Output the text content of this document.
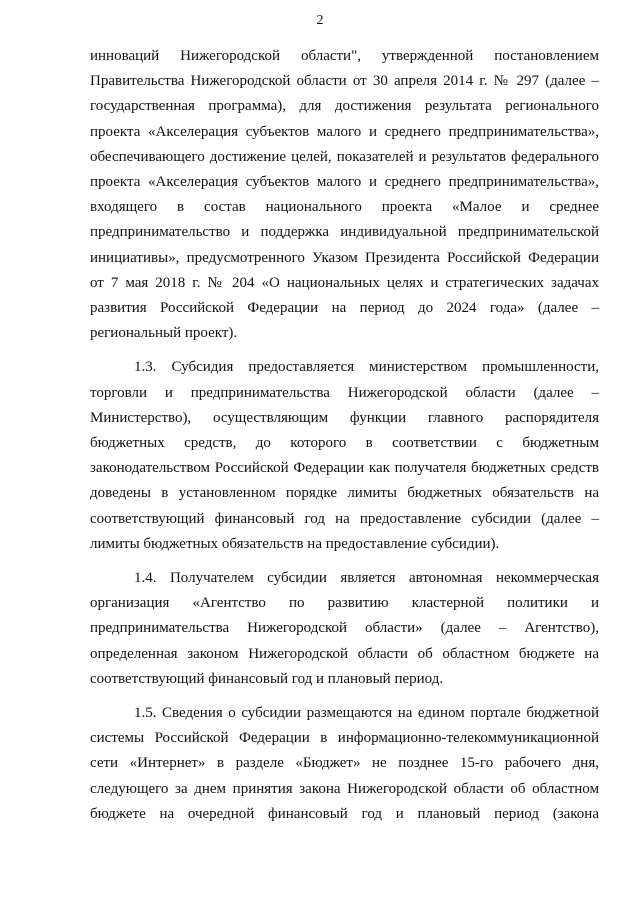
2

инноваций Нижегородской области", утвержденной постановлением Правительства Нижегородской области от 30 апреля 2014 г. № 297 (далее – государственная программа), для достижения результата регионального проекта «Акселерация субъектов малого и среднего предпринимательства», обеспечивающего достижение целей, показателей и результатов федерального проекта «Акселерация субъектов малого и среднего предпринимательства», входящего в состав национального проекта «Малое и среднее предпринимательство и поддержка индивидуальной предпринимательской инициативы», предусмотренного Указом Президента Российской Федерации от 7 мая 2018 г. № 204 «О национальных целях и стратегических задачах развития Российской Федерации на период до 2024 года» (далее – региональный проект).

1.3. Субсидия предоставляется министерством промышленности, торговли и предпринимательства Нижегородской области (далее – Министерство), осуществляющим функции главного распорядителя бюджетных средств, до которого в соответствии с бюджетным законодательством Российской Федерации как получателя бюджетных средств доведены в установленном порядке лимиты бюджетных обязательств на соответствующий финансовый год на предоставление субсидии (далее – лимиты бюджетных обязательств на предоставление субсидии).

1.4. Получателем субсидии является автономная некоммерческая организация «Агентство по развитию кластерной политики и предпринимательства Нижегородской области» (далее – Агентство), определенная законом Нижегородской области об областном бюджете на соответствующий финансовый год и плановый период.

1.5. Сведения о субсидии размещаются на едином портале бюджетной системы Российской Федерации в информационно-телекоммуникационной сети «Интернет» в разделе «Бюджет» не позднее 15-го рабочего дня, следующего за днем принятия закона Нижегородской области об областном бюджете на очередной финансовый год и плановый период (закона
